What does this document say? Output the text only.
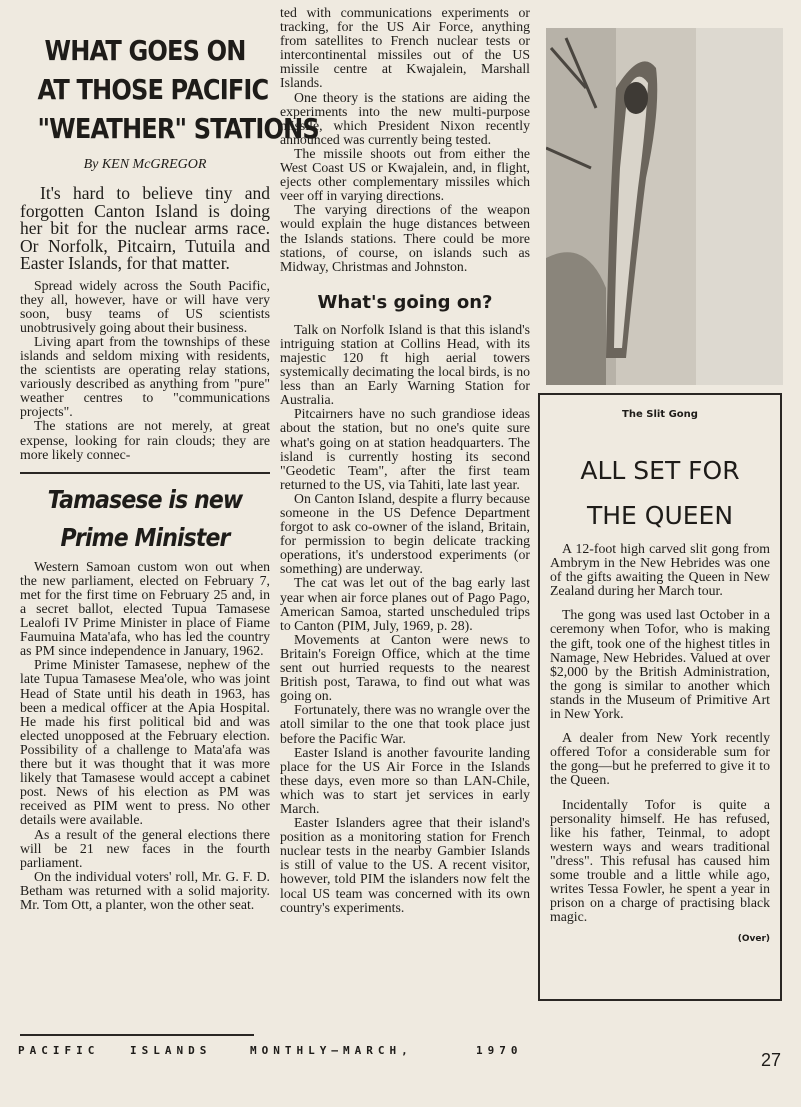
WHAT GOES ON
AT THOSE PACIFIC
"WEATHER" STATIONS
By KEN McGREGOR

It's hard to believe tiny and forgotten Canton Island is doing her bit for the nuclear arms race. Or Norfolk, Pitcairn, Tutuila and Easter Islands, for that matter.

Spread widely across the South Pacific, they all, however, have or will have very soon, busy teams of US scientists unobtrusively going about their business.

Living apart from the townships of these islands and seldom mixing with residents, the scientists are operating relay stations, variously described as anything from "pure" weather centres to "communications projects".

The stations are not merely, at great expense, looking for rain clouds; they are more likely connec-

Tamasese is new
Prime Minister

Western Samoan custom won out when the new parliament, elected on February 7, met for the first time on February 25 and, in a secret ballot, elected Tupua Tamasese Lealofi IV Prime Minister in place of Fiame Faumuina Mata'afa, who has led the country as PM since independence in January, 1962.

Prime Minister Tamasese, nephew of the late Tupua Tamasese Mea'ole, who was joint Head of State until his death in 1963, has been a medical officer at the Apia Hospital. He made his first political bid and was elected unopposed at the February election. Possibility of a challenge to Mata'afa was there but it was thought that it was more likely that Tamasese would accept a cabinet post. News of his election as PM was received as PIM went to press. No other details were available.

As a result of the general elections there will be 21 new faces in the fourth parliament.

On the individual voters' roll, Mr. G. F. D. Betham was returned with a solid majority. Mr. Tom Ott, a planter, won the other seat.

ted with communications experiments or tracking, for the US Air Force, anything from satellites to French nuclear tests or intercontinental missiles out of the US missile centre at Kwajalein, Marshall Islands.

One theory is the stations are aiding the experiments into the new multi-purpose missile, which President Nixon recently announced was currently being tested.

The missile shoots out from either the West Coast US or Kwajalein, and, in flight, ejects other complementary missiles which veer off in varying directions.

The varying directions of the weapon would explain the huge distances between the Islands stations. There could be more stations, of course, on islands such as Midway, Christmas and Johnston.

What's going on?

Talk on Norfolk Island is that this island's intriguing station at Collins Head, with its majestic 120 ft high aerial towers systemically decimating the local birds, is no less than an Early Warning Station for Australia.

Pitcairners have no such grandiose ideas about the station, but no one's quite sure what's going on at station headquarters. The island is currently hosting its second "Geodetic Team", after the first team returned to the US, via Tahiti, late last year.

On Canton Island, despite a flurry because someone in the US Defence Department forgot to ask co-owner of the island, Britain, for permission to begin delicate tracking operations, it's understood experiments (or something) are underway.

The cat was let out of the bag early last year when air force planes out of Pago Pago, American Samoa, started unscheduled trips to Canton (PIM, July, 1969, p. 28).

Movements at Canton were news to Britain's Foreign Office, which at the time sent out hurried requests to the nearest British post, Tarawa, to find out what was going on.

Fortunately, there was no wrangle over the atoll similar to the one that took place just before the Pacific War.

Easter Island is another favourite landing place for the US Air Force in the Islands these days, even more so than LAN-Chile, which was to start jet services in early March.

Easter Islanders agree that their island's position as a monitoring station for French nuclear tests in the nearby Gambier Islands is still of value to the US. A recent visitor, however, told PIM the islanders now felt the local US team was concerned with its own country's experiments.

The Slit Gong
ALL SET FOR
THE QUEEN

A 12-foot high carved slit gong from Ambrym in the New Hebrides was one of the gifts awaiting the Queen in New Zealand during her March tour.

The gong was used last October in a ceremony when Tofor, who is making the gift, took one of the highest titles in Namage, New Hebrides. Valued at over $2,000 by the British Administration, the gong is similar to another which stands in the Museum of Primitive Art in New York.

A dealer from New York recently offered Tofor a considerable sum for the gong—but he preferred to give it to the Queen.

Incidentally Tofor is quite a personality himself. He has refused, like his father, Teinmal, to adopt western ways and wears traditional "dress". This refusal has caused him some trouble and a little while ago, writes Tessa Fowler, he spent a year in prison on a charge of practising black magic.

(Over)
PACIFIC	ISLANDS	MONTHLY—MARCH,	1970	27
